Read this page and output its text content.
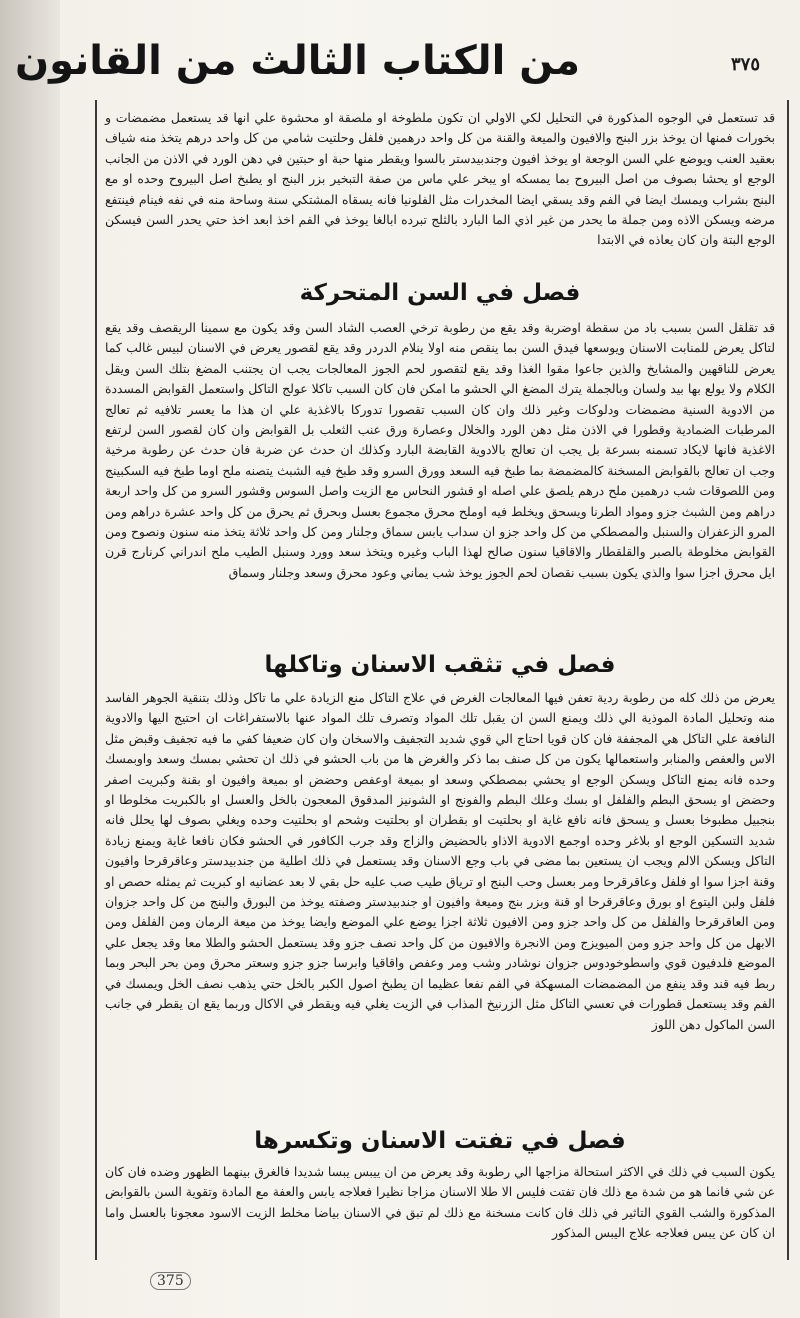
من الكتاب الثالث من القانون	٣٧٥

قد تستعمل في الوجوه المذكورة في التحليل لكي الاولي ان تكون ملطوخة او ملصقة او محشوة علي انها قد يستعمل مضمضات و بخورات فمنها ان يوخذ بزر البنج والافيون والميعة والقنة من كل واحد درهمين فلفل وحلتيت شامي من كل واحد درهم يتخذ منه شياف بعقيد العنب ويوضع علي السن الوجعة او يوخذ افيون وجندبيدستر بالسوا ويقطر منها حبة او حبتين في دهن الورد في الاذن من الجانب الوجع او يحشا بصوف من اصل البيروح بما يمسكه او يبخر علي ماس من صفة التبخير بزر البنج او يطبخ اصل البيروح وحده او مع البنج بشراب ويمسك ايضا في الفم وقد يسقي ايضا المخدرات مثل الفلونيا فانه يسقاه المشتكي سنة وساحة منه في نفه فينام فينتفع مرضه ويسكن الاذه ومن جملة ما يحدر من غير اذي الما البارد بالثلج تبرده ابالغا يوخذ في الفم اخذ ابعد اخذ حتي يحدر السن فيسكن الوجع البتة وان كان يعاذه في الابتدا

فصل في السن المتحركة

قد تقلقل السن بسبب باد من سقطة اوضربة وقد يقع من رطوبة ترخي العصب الشاد السن وقد يكون مع سمينا الريقصف وقد يقع لتاكل يعرض للمنابت الاسنان ويوسعها فيدق السن بما ينقص منه اولا ينلام الدردر وقد يقع لقصور يعرض في الاسنان لبيس غالب كما يعرض للناقهين والمشايخ والذين جاعوا مقوا الغذا وقد يقع لتقصور لحم الجوز المعالجات يجب ان يجتنب المضغ بتلك السن ويقل الكلام ولا يولع بها بيد ولسان وبالجملة يترك المضغ الي الحشو ما امكن فان كان السبب تاكلا عولج التاكل واستعمل القوابض المسددة من الادوية السنية مضمضات ودلوكات وغير ذلك وان كان السبب تقصورا تدوركا بالاغذية علي ان هذا ما يعسر تلافيه ثم تعالج المرطبات الضمادية وقطورا في الاذن مثل دهن الورد والخلال وعصارة ورق عنب الثعلب بل القوابض وان كان لقصور السن لرتفع الاغذية فانها لايكاد تسمنه بسرعة بل يجب ان تعالج بالادوية القابضة البارد وكذلك ان حدث عن ضربة فان حدث عن رطوبة مرخية وجب ان تعالج بالقوابض المسخنة كالمضمضة بما طبخ فيه السعد وورق السرو وقد طبخ فيه الشبث يتصنه ملح اوما طبخ فيه السكبينج ومن اللصوقات شب درهمين ملح درهم يلصق علي اصله او قشور النحاس مع الزيت واصل السوس وقشور السرو من كل واحد اربعة دراهم ومن الشبث جزو ومواد الطرنا ويسحق ويخلط فيه اوملح محرق مجموع بعسل وبحرق ثم يحرق من كل واحد عشرة دراهم ومن المرو الزعفران والسنبل والمصطكي من كل واحد جزو ان سداب يابس سماق وجلنار ومن كل واحد ثلاثة يتخذ منه سنون ونصوح ومن القوابض مخلوطة بالصبر والقلقطار والاقاقيا سنون صالح لهذا الباب وغيره ويتخذ سعد وورد وسنبل الطيب ملح اندراني كرنارج قرن ايل محرق اجزا سوا والذي يكون بسبب نقصان لحم الجوز يوخذ شب يماني وعود محرق وسعد وجلنار وسماق

فصل في تثقب الاسنان وتاكلها

يعرض من ذلك كله من رطوبة ردية تعفن فيها المعالجات الغرض في علاج التاكل منع الزيادة علي ما تاكل وذلك بتنقية الجوهر الفاسد منه وتحليل المادة الموذية الي ذلك ويمنع السن ان يقبل تلك المواد وتصرف تلك المواد عنها بالاستفراغات ان احتيج اليها والادوية النافعة علي التاكل هي المجففة فان كان قويا احتاج الي قوي شديد التجفيف والاسخان وان كان ضعيفا كفي ما فيه تجفيف وقبض مثل الاس والعفص والمنابر واستعمالها يكون من كل صنف بما ذكر والغرض ها من باب الحشو في ذلك ان تحشي بمسك وسعد واوبمسك وحده فانه يمنع التاكل ويسكن الوجع او يحشي بمصطكي وسعد او بميعة اوعفص وحضض او بميعة وافيون او بقنة وكبريت اصفر وحضض او يسحق البطم والفلفل او بسك وعلك البطم والفونج او الشونيز المدقوق المعجون بالخل والعسل او بالكبريت مخلوطا او بنجبيل مطبوخا بعسل و يسحق فانه نافع غاية او بحلتيت او بقطران او بحلتيت وشحم او بحلتيت وحده ويغلي بصوف لها يحلل فانه شديد التسكين الوجع او بلاغر وحده اوجمع الادوية الاذاو بالحضيض والزاج وقد جرب الكافور في الحشو فكان نافعا غاية ويمنع زيادة التاكل ويسكن الالم ويجب ان يستعين بما مضى في باب وجع الاسنان وقد يستعمل في ذلك اطلية من جندبيدستر وعاقرقرحا وافيون وقنة اجزا سوا او فلفل وعاقرقرحا ومر بعسل وحب البنج او ترياق طيب صب عليه حل بقي لا بعد عضانيه او كبريت ثم يمثله حصص او فلفل ولبن اليتوع او بورق وعاقرقرحا او قنة وبزر بنج وميعة وافيون او جندبيدستر وصفته يوخذ من البورق والبنج من كل واحد جزوان ومن العاقرقرحا والفلفل من كل واحد جزو ومن الافيون ثلاثة اجزا يوضع علي الموضع وايضا يوخذ من ميعة الرمان ومن الفلفل ومن الابهل من كل واحد جزو ومن الميويزج ومن الانجرة والافيون من كل واحد نصف جزو وقد يستعمل الحشو والطلا معا وقد يجعل علي الموضع فلدفيون قوي واسطوخودوس جزوان نوشادر وشب ومر وعفص واقاقيا وابرسا جزو جزو وسعتر محرق ومن بحر البحر وبما ربط فيه قند وقد ينفع من المضمضات المسهكة في الفم نفعا عظيما ان يطبخ اصول الكبر بالخل حتي يذهب نصف الخل ويمسك في الفم وقد يستعمل قطورات في تعسي التاكل مثل الزرنيخ المذاب في الزيت يغلي فيه ويقطر في الاكال وربما يقع ان يقطر في جانب السن الماكول دهن اللوز

فصل في تفتت الاسنان وتكسرها

يكون السبب في ذلك في الاكثر استحالة مزاجها الي رطوبة وقد يعرض من ان ييبس يبسا شديدا فالغرق بينهما الظهور وضده فان كان عن شي فانما هو من شدة مع ذلك فان تفتت فليس الا طلا الاسنان مزاجا نظيرا فعلاجه يابس والعفة مع المادة وتقوية السن بالقوابض المذكورة والشب القوي التاثير في ذلك فان كانت مسخنة مع ذلك لم تبق في الاسنان بياضا مخلط الزيت الاسود معجونا بالعسل واما ان كان عن يبس فعلاجه علاج اليبس المذكور

375
